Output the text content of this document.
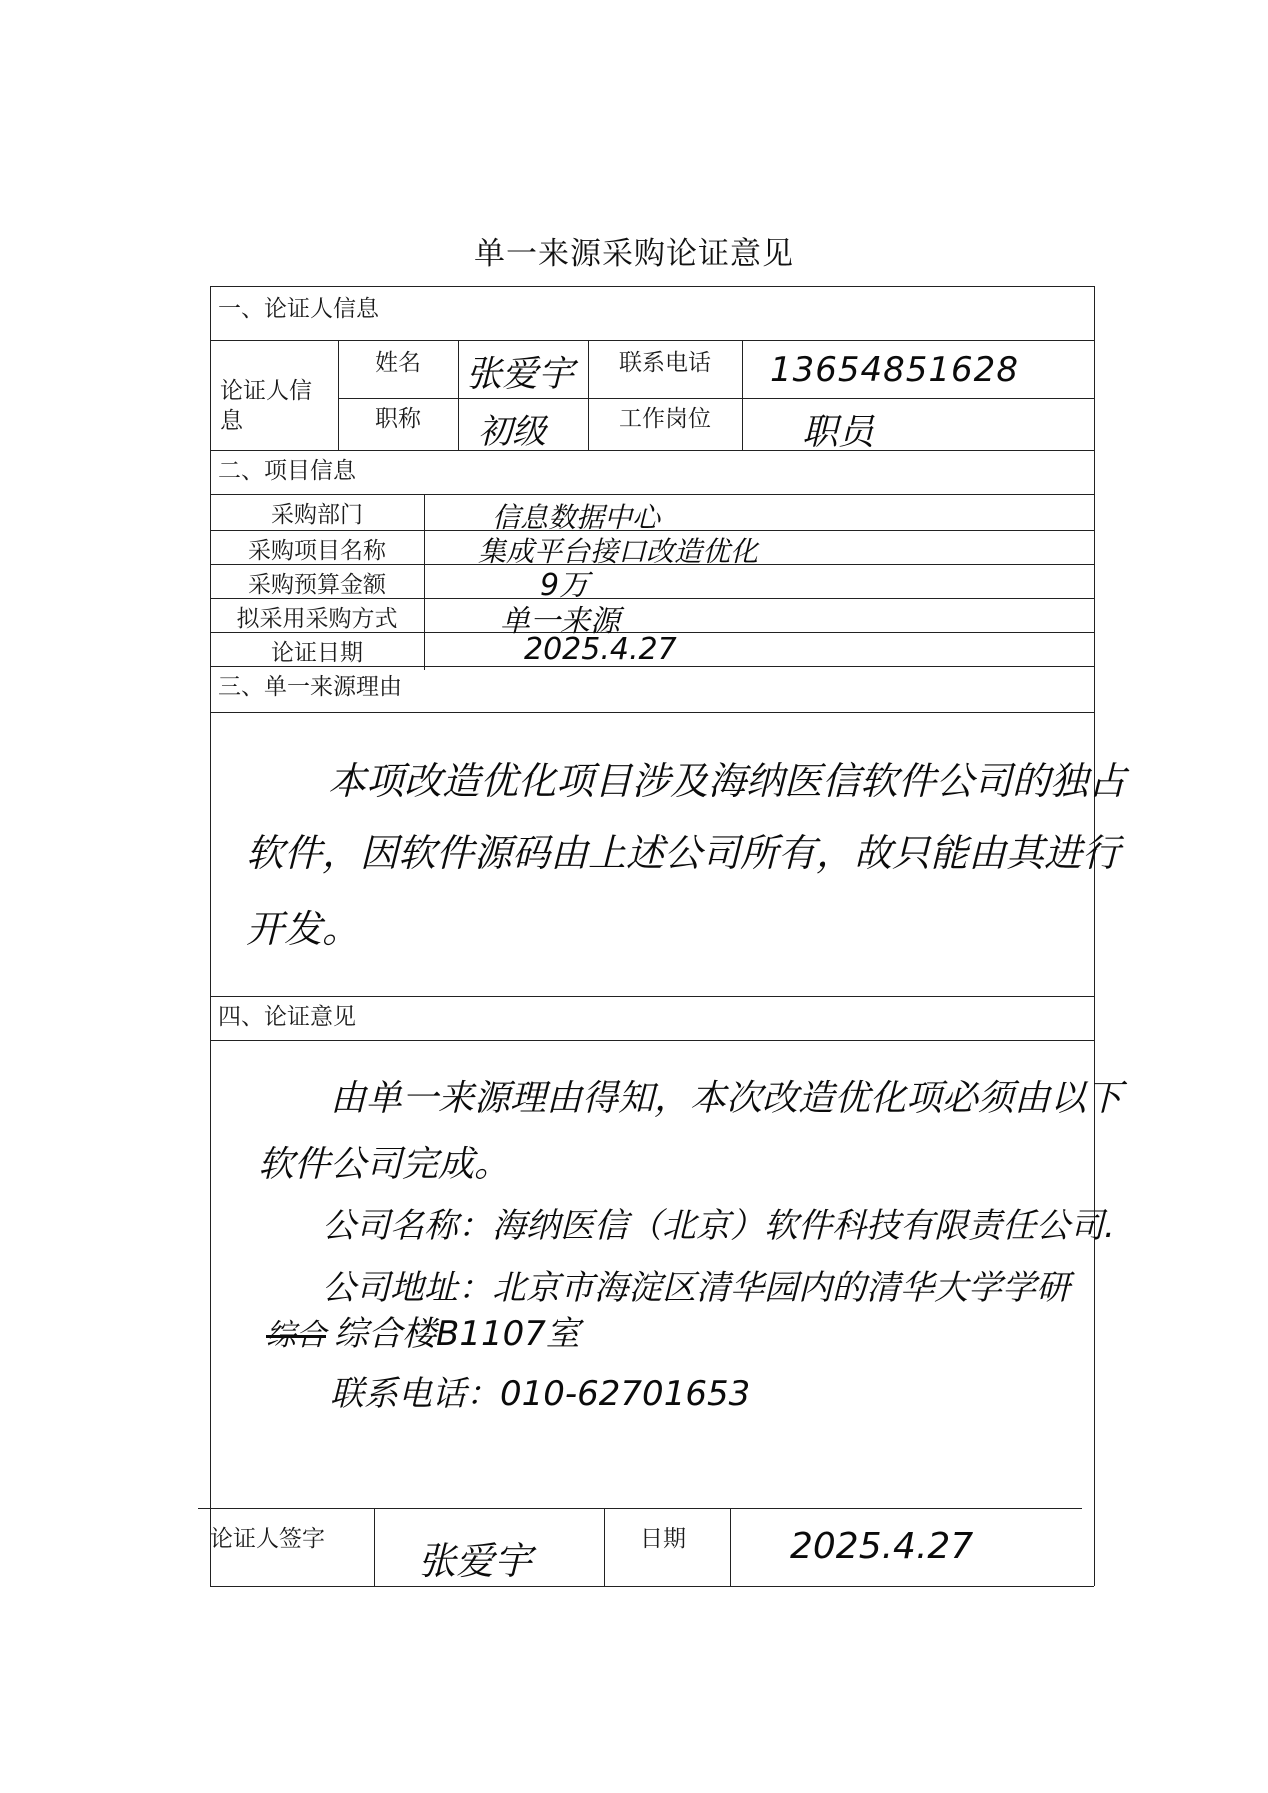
单一来源采购论证意见
一、论证人信息
论证人信息
姓名	张爱宇	联系电话	13654851628
职称	初级	工作岗位	职员
二、项目信息
采购部门	信息数据中心
采购项目名称	集成平台接口改造优化
采购预算金额	9万
拟采用采购方式	单一来源
论证日期	2025.4.27
三、单一来源理由
本项改造优化项目涉及海纳医信软件公司的独占
软件，因软件源码由上述公司所有，故只能由其进行
开发。
四、论证意见
由单一来源理由得知，本次改造优化项必须由以下
软件公司完成。
公司名称：海纳医信（北京）软件科技有限责任公司.
公司地址：北京市海淀区清华园内的清华大学学研
综合 综合楼B1107室
联系电话：010-62701653
论证人签字 张爱宇	日期	2025.4.27
